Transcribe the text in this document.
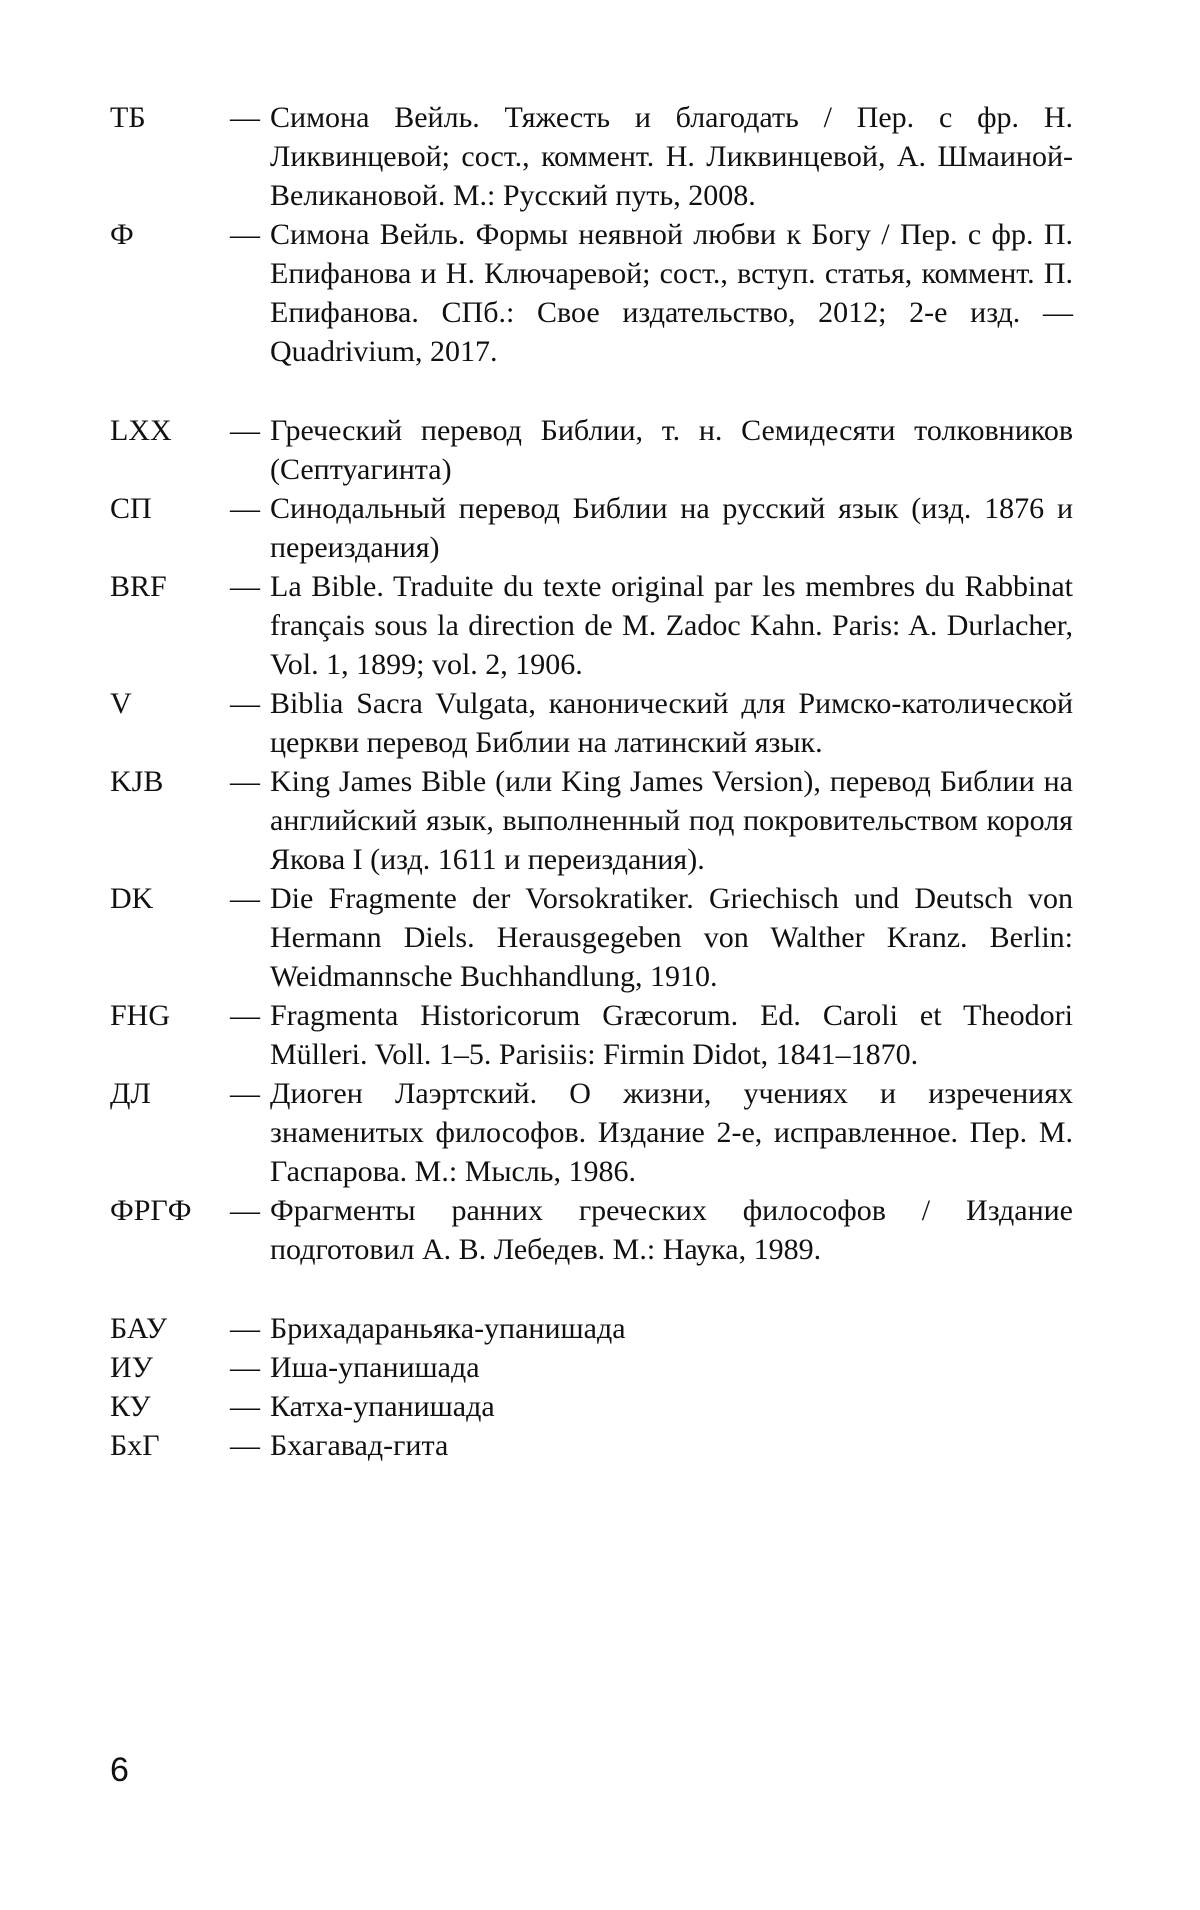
ТБ	— Симона Вейль. Тяжесть и благодать / Пер. с фр. Н. Ликвинцевой; сост., коммент. Н. Ликвинцевой, А. Шмаиной-Великановой. М.: Русский путь, 2008.
Ф	— Симона Вейль. Формы неявной любви к Богу / Пер. с фр. П. Епифанова и Н. Ключаревой; сост., вступ. статья, коммент. П. Епифанова. СПб.: Свое издательство, 2012; 2-е изд. — Quadrivium, 2017.
LXX	— Греческий перевод Библии, т. н. Семидесяти толковников (Септуагинта)
СП	— Синодальный перевод Библии на русский язык (изд. 1876 и переиздания)
BRF	— La Bible. Traduite du texte original par les membres du Rabbinat français sous la direction de M. Zadoc Kahn. Paris: A. Durlacher, Vol. 1, 1899; vol. 2, 1906.
V	— Biblia Sacra Vulgata, канонический для Римско-католической церкви перевод Библии на латинский язык.
KJB	— King James Bible (или King James Version), перевод Библии на английский язык, выполненный под покровительством короля Якова I (изд. 1611 и переиздания).
DK	— Die Fragmente der Vorsokratiker. Griechisch und Deutsch von Hermann Diels. Herausgegeben von Walther Kranz. Berlin: Weidmannsche Buchhandlung, 1910.
FHG	— Fragmenta Historicorum Græcorum. Ed. Caroli et Theodori Mülleri. Voll. 1–5. Parisiis: Firmin Didot, 1841–1870.
ДЛ	— Диоген Лаэртский. О жизни, учениях и изречениях знаменитых философов. Издание 2-е, исправленное. Пер. М. Гаспарова. М.: Мысль, 1986.
ФРГФ	— Фрагменты ранних греческих философов / Издание подготовил А. В. Лебедев. М.: Наука, 1989.
БАУ	— Брихадараньяка-упанишада
ИУ	— Иша-упанишада
КУ	— Катха-упанишада
БхГ	— Бхагавад-гита
6
